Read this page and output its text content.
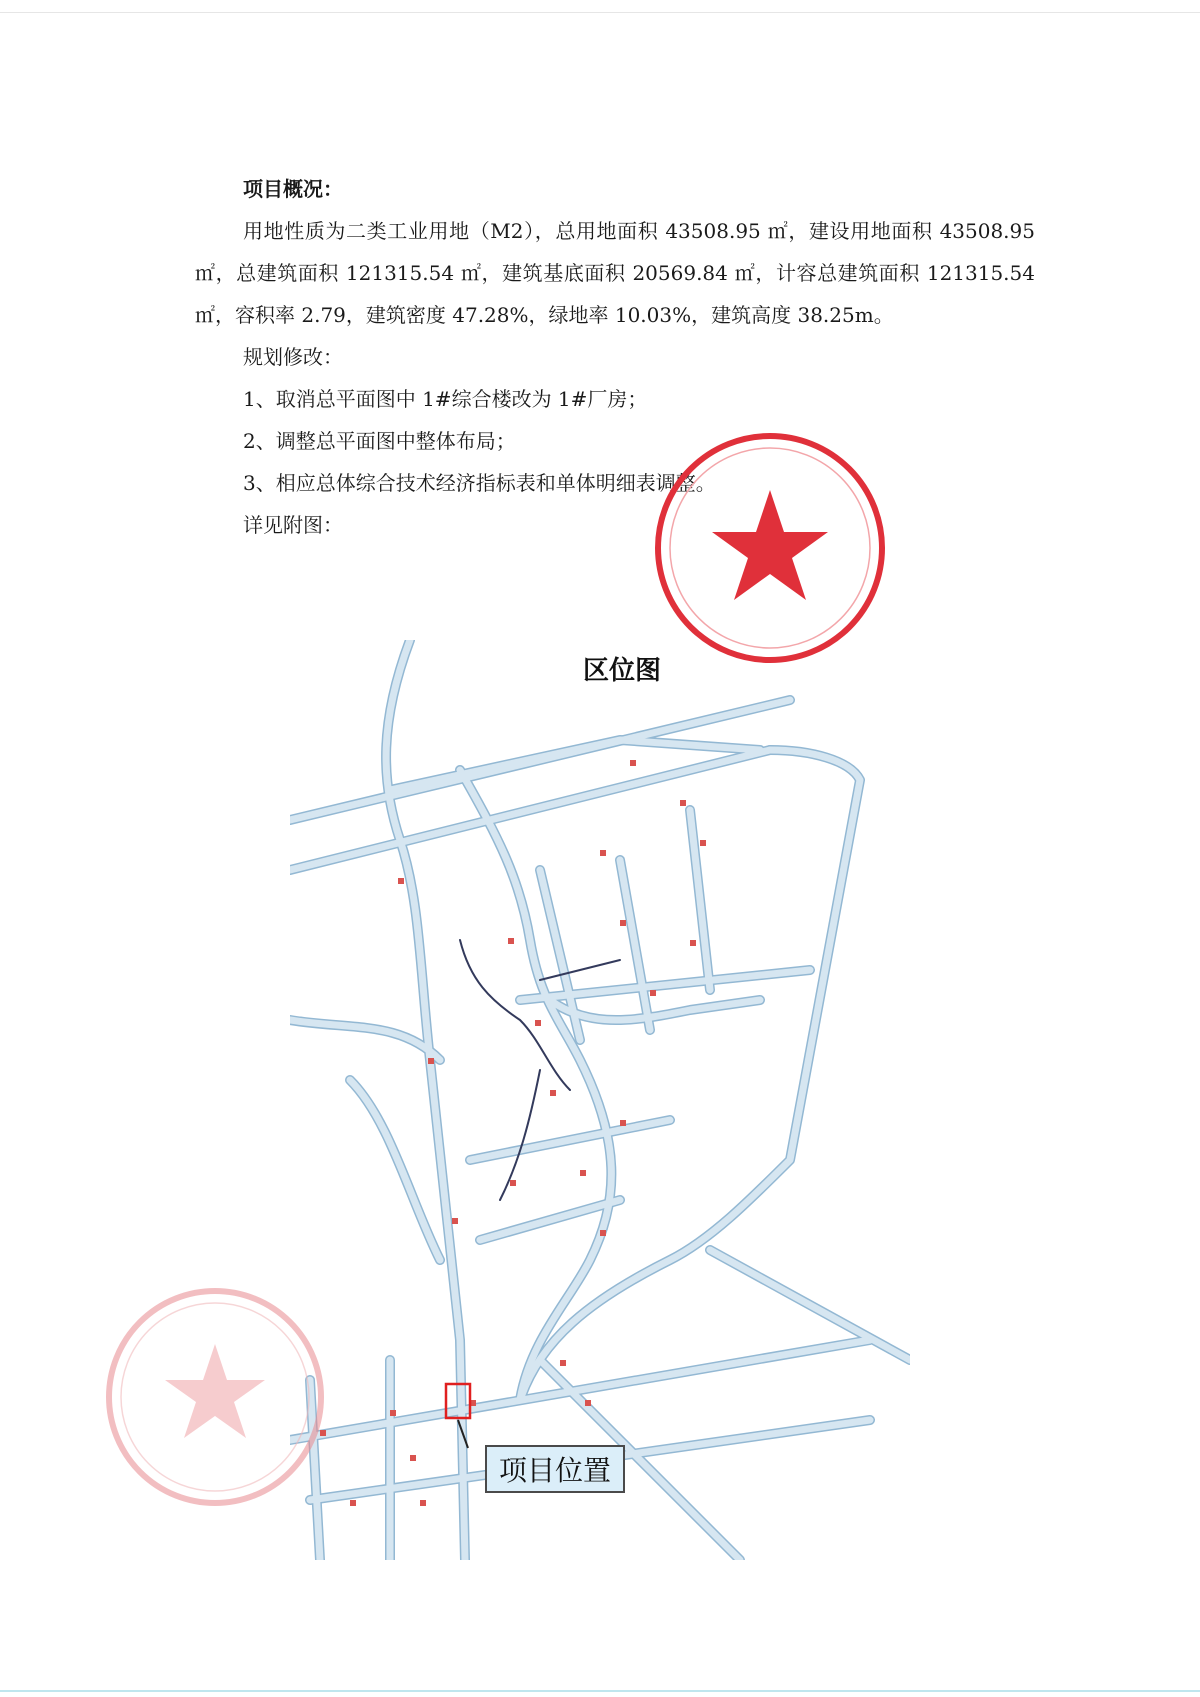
项目概况：
用地性质为二类工业用地（M2），总用地面积 43508.95 ㎡，建设用地面积 43508.95 ㎡，总建筑面积 121315.54 ㎡，建筑基底面积 20569.84 ㎡，计容总建筑面积 121315.54 ㎡，容积率 2.79，建筑密度 47.28%，绿地率 10.03%，建筑高度 38.25m。
规划修改：
1、取消总平面图中 1#综合楼改为 1#厂房；
2、调整总平面图中整体布局；
3、相应总体综合技术经济指标表和单体明细表调整。
详见附图：
区位图
项目位置
